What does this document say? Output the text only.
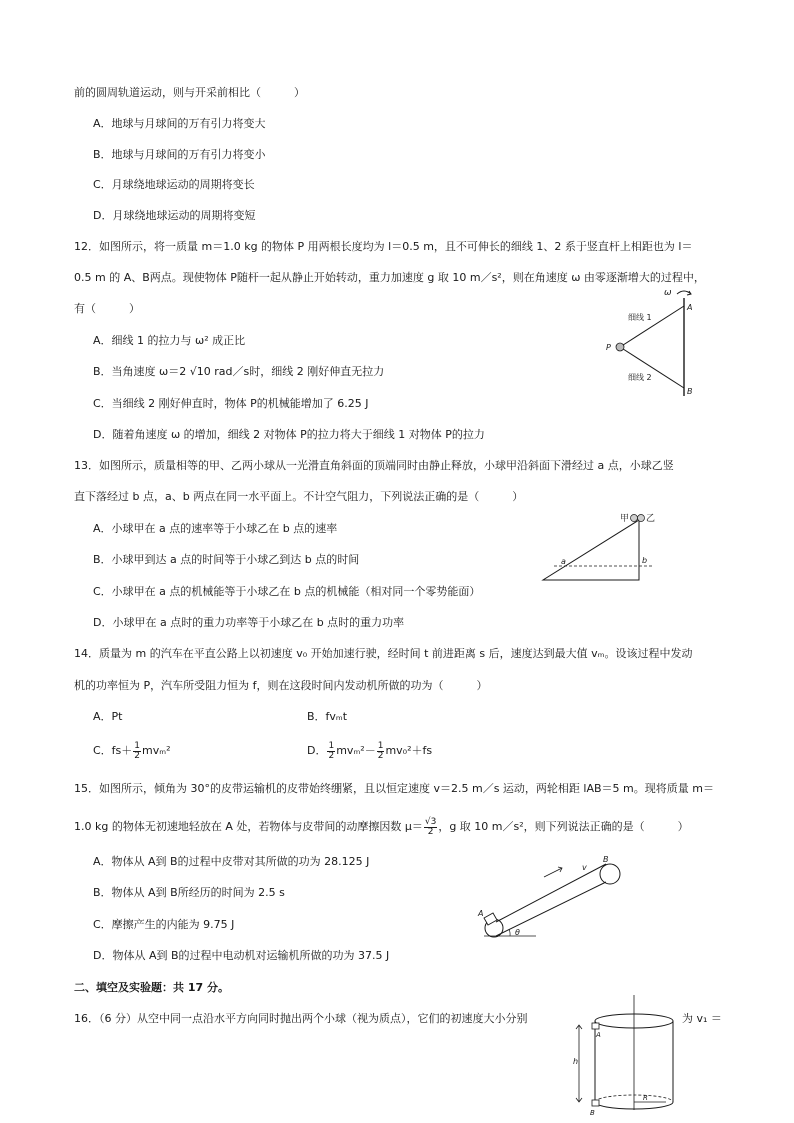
前的圆周轨道运动，则与开采前相比（　　　）
A．地球与月球间的万有引力将变大
B．地球与月球间的万有引力将变小
C．月球绕地球运动的周期将变长
D．月球绕地球运动的周期将变短
12．如图所示，将一质量 m＝1.0 kg 的物体 P 用两根长度均为 l＝0.5 m，且不可伸长的细线 1、2 系于竖直杆上相距也为 l＝
0.5 m 的 A、B两点。现使物体 P随杆一起从静止开始转动，重力加速度 g 取 10 m／s²，则在角速度 ω 由零逐渐增大的过程中，
有（　　　）
A．细线 1 的拉力与 ω² 成正比
B．当角速度 ω＝2 √10 rad／s时，细线 2 刚好伸直无拉力
C．当细线 2 刚好伸直时，物体 P的机械能增加了 6.25 J
D．随着角速度 ω 的增加，细线 2 对物体 P的拉力将大于细线 1 对物体 P的拉力
ω
A
B
P
细线 1
细线 2
13．如图所示，质量相等的甲、乙两小球从一光滑直角斜面的顶端同时由静止释放，小球甲沿斜面下滑经过 a 点，小球乙竖
直下落经过 b 点，a、b 两点在同一水平面上。不计空气阻力，下列说法正确的是（　　　）
A．小球甲在 a 点的速率等于小球乙在 b 点的速率
B．小球甲到达 a 点的时间等于小球乙到达 b 点的时间
C．小球甲在 a 点的机械能等于小球乙在 b 点的机械能（相对同一个零势能面）
D．小球甲在 a 点时的重力功率等于小球乙在 b 点时的重力功率
甲 乙
a	b
14．质量为 m 的汽车在平直公路上以初速度 v₀ 开始加速行驶，经时间 t 前进距离 s 后，速度达到最大值 vₘ。设该过程中发动
机的功率恒为 P，汽车所受阻力恒为 f，则在这段时间内发动机所做的功为（　　　）
A．Pt	B．fvₘt
C．$fs+ \frac{1}{2} mv_m^2$	D． $\frac{1}{2} mv_m^2- \frac{1}{2} mv_0^2+fs$
15．如图所示，倾角为 30°的皮带运输机的皮带始终绷紧，且以恒定速度 v＝2.5 m／s 运动，两轮相距 lAB＝5 m。现将质量 m＝
1.0 kg 的物体无初速地轻放在 A 处，若物体与皮带间的动摩擦因数 $\mu= \frac{√3}{2}$ ，g 取 10 m／s²，则下列说法正确的是（　　　）
A．物体从 A到 B的过程中皮带对其所做的功为 28.125 J
B．物体从 A到 B所经历的时间为 2.5 s
C．摩擦产生的内能为 9.75 J
D．物体从 A到 B的过程中电动机对运输机所做的功为 37.5 J
v
A
B
θ
二、填空及实验题：共 17 分。
16．（6 分）从空中同一点沿水平方向同时抛出两个小球（视为质点），它们的初速度大小分别	为 v₁ ＝
h
A
B
R
